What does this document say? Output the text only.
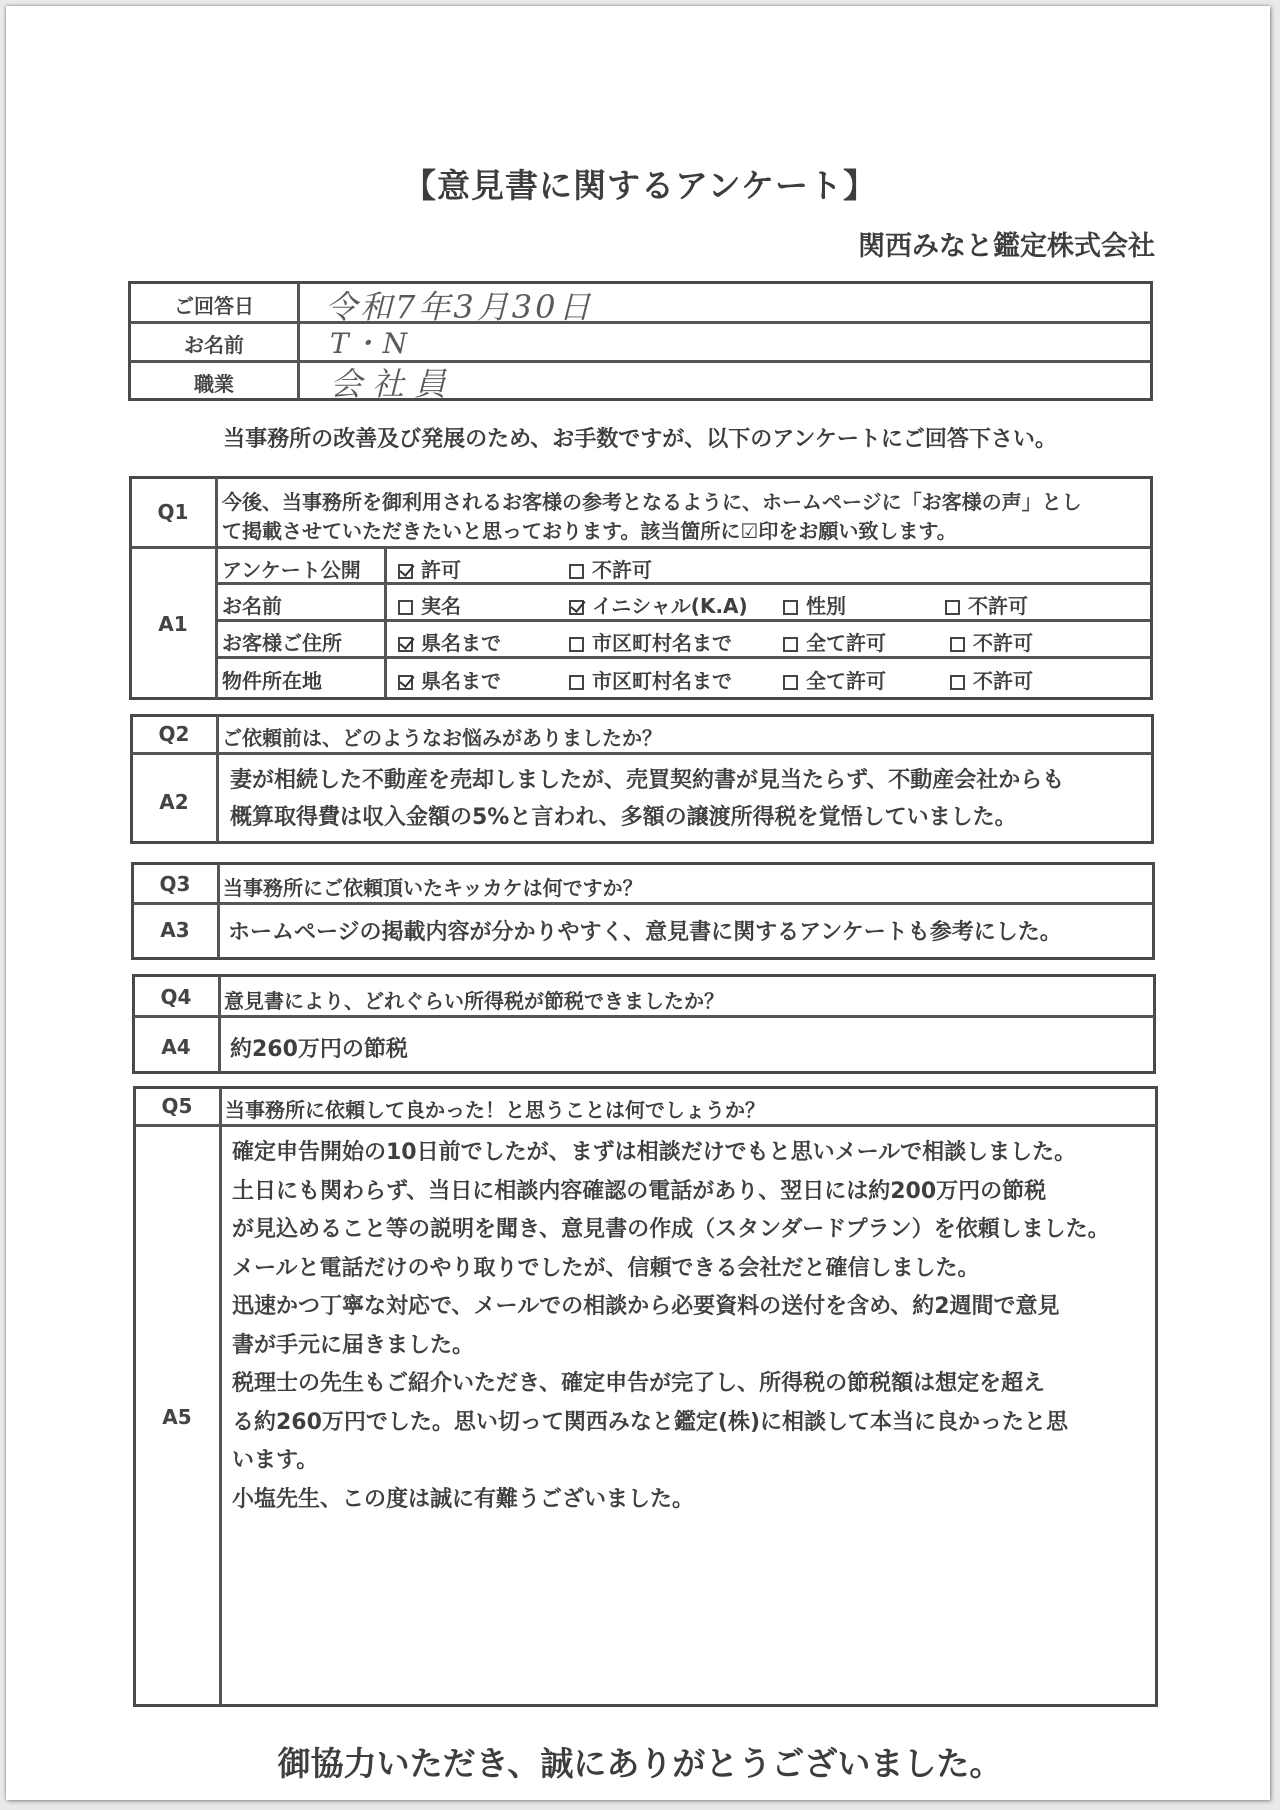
【意見書に関するアンケート】
関西みなと鑑定株式会社
ご回答日	令和7年3月30日
お名前	T・N
職業	会社員
当事務所の改善及び発展のため、お手数ですが、以下のアンケートにご回答下さい。
Q1	今後、当事務所を御利用されるお客様の参考となるように、ホームページに「お客様の声」とし
て掲載させていただきたいと思っております。該当箇所に☑印をお願い致します。
A1
アンケート公開	許可	不許可
お名前	実名	イニシャル(K.A)	性別	不許可
お客様ご住所	県名まで	市区町村名まで	全て許可	不許可
物件所在地	県名まで	市区町村名まで	全て許可	不許可
Q2	ご依頼前は、どのようなお悩みがありましたか？
A2
妻が相続した不動産を売却しましたが、売買契約書が見当たらず、不動産会社からも
概算取得費は収入金額の5%と言われ、多額の譲渡所得税を覚悟していました。
Q3	当事務所にご依頼頂いたキッカケは何ですか？
A3	ホームページの掲載内容が分かりやすく、意見書に関するアンケートも参考にした。
Q4	意見書により、どれぐらい所得税が節税できましたか？
A4	約260万円の節税
Q5	当事務所に依頼して良かった！と思うことは何でしょうか？
A5
確定申告開始の10日前でしたが、まずは相談だけでもと思いメールで相談しました。
土日にも関わらず、当日に相談内容確認の電話があり、翌日には約200万円の節税
が見込めること等の説明を聞き、意見書の作成（スタンダードプラン）を依頼しました。
メールと電話だけのやり取りでしたが、信頼できる会社だと確信しました。
迅速かつ丁寧な対応で、メールでの相談から必要資料の送付を含め、約2週間で意見
書が手元に届きました。
税理士の先生もご紹介いただき、確定申告が完了し、所得税の節税額は想定を超え
る約260万円でした。思い切って関西みなと鑑定(株)に相談して本当に良かったと思
います。
小塩先生、この度は誠に有難うございました。
御協力いただき、誠にありがとうございました。
